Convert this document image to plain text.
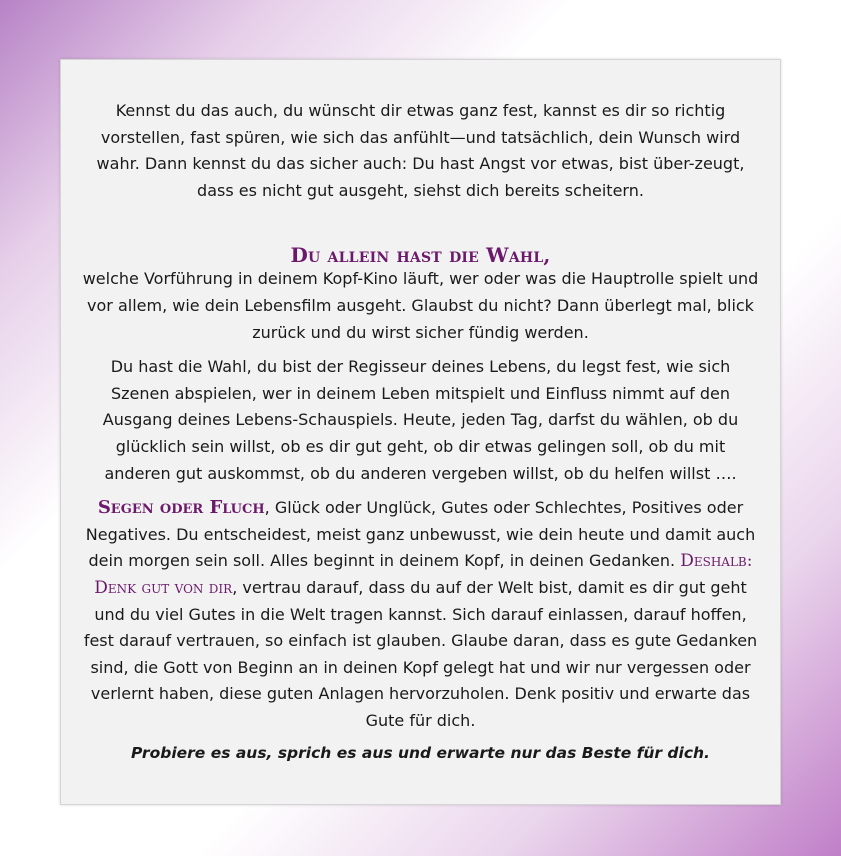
Kennst du das auch, du wünscht dir etwas ganz fest, kannst es dir so richtig vorstellen, fast spüren, wie sich das anfühlt—und tatsächlich, dein Wunsch wird wahr. Dann kennst du das sicher auch: Du hast Angst vor etwas, bist über-zeugt, dass es nicht gut ausgeht, siehst dich bereits scheitern.

Du allein hast die Wahl,

welche Vorführung in deinem Kopf-Kino läuft, wer oder was die Hauptrolle spielt und vor allem, wie dein Lebensfilm ausgeht. Glaubst du nicht? Dann überlegt mal, blick zurück und du wirst sicher fündig werden.

Du hast die Wahl, du bist der Regisseur deines Lebens, du legst fest, wie sich Szenen abspielen, wer in deinem Leben mitspielt und Einfluss nimmt auf den Ausgang deines Lebens-Schauspiels. Heute, jeden Tag, darfst du wählen, ob du glücklich sein willst, ob es dir gut geht, ob dir etwas gelingen soll, ob du mit anderen gut auskommst, ob du anderen vergeben willst, ob du helfen willst ….

Segen oder Fluch, Glück oder Unglück, Gutes oder Schlechtes, Positives oder Negatives. Du entscheidest, meist ganz unbewusst, wie dein heute und damit auch dein morgen sein soll. Alles beginnt in deinem Kopf, in deinen Gedanken. Deshalb: Denk gut von dir, vertrau darauf, dass du auf der Welt bist, damit es dir gut geht und du viel Gutes in die Welt tragen kannst. Sich darauf einlassen, darauf hoffen, fest darauf vertrauen, so einfach ist glauben. Glaube daran, dass es gute Gedanken sind, die Gott von Beginn an in deinen Kopf gelegt hat und wir nur vergessen oder verlernt haben, diese guten Anlagen hervorzuholen. Denk positiv und erwarte das Gute für dich.

Probiere es aus, sprich es aus und erwarte nur das Beste für dich.
